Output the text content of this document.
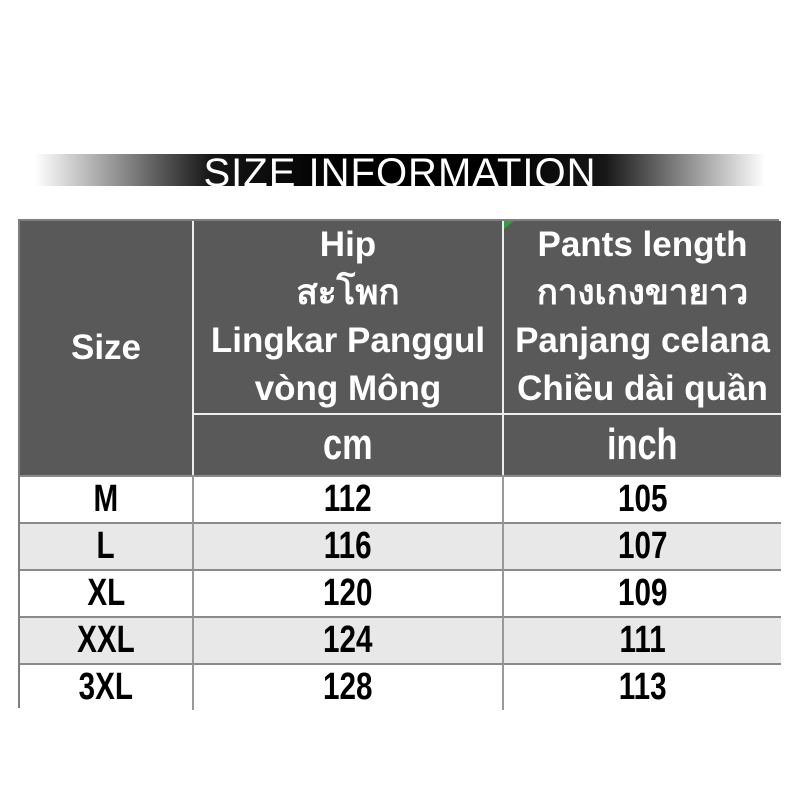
SIZE INFORMATION
Size
Hip
สะโพก
Lingkar Panggul
vòng Mông
Pants length
กางเกงขายาว
Panjang celana
Chiều dài quần
cm	inch
M	112	105
L	116	107
XL	120	109
XXL	124	111
3XL	128	113
